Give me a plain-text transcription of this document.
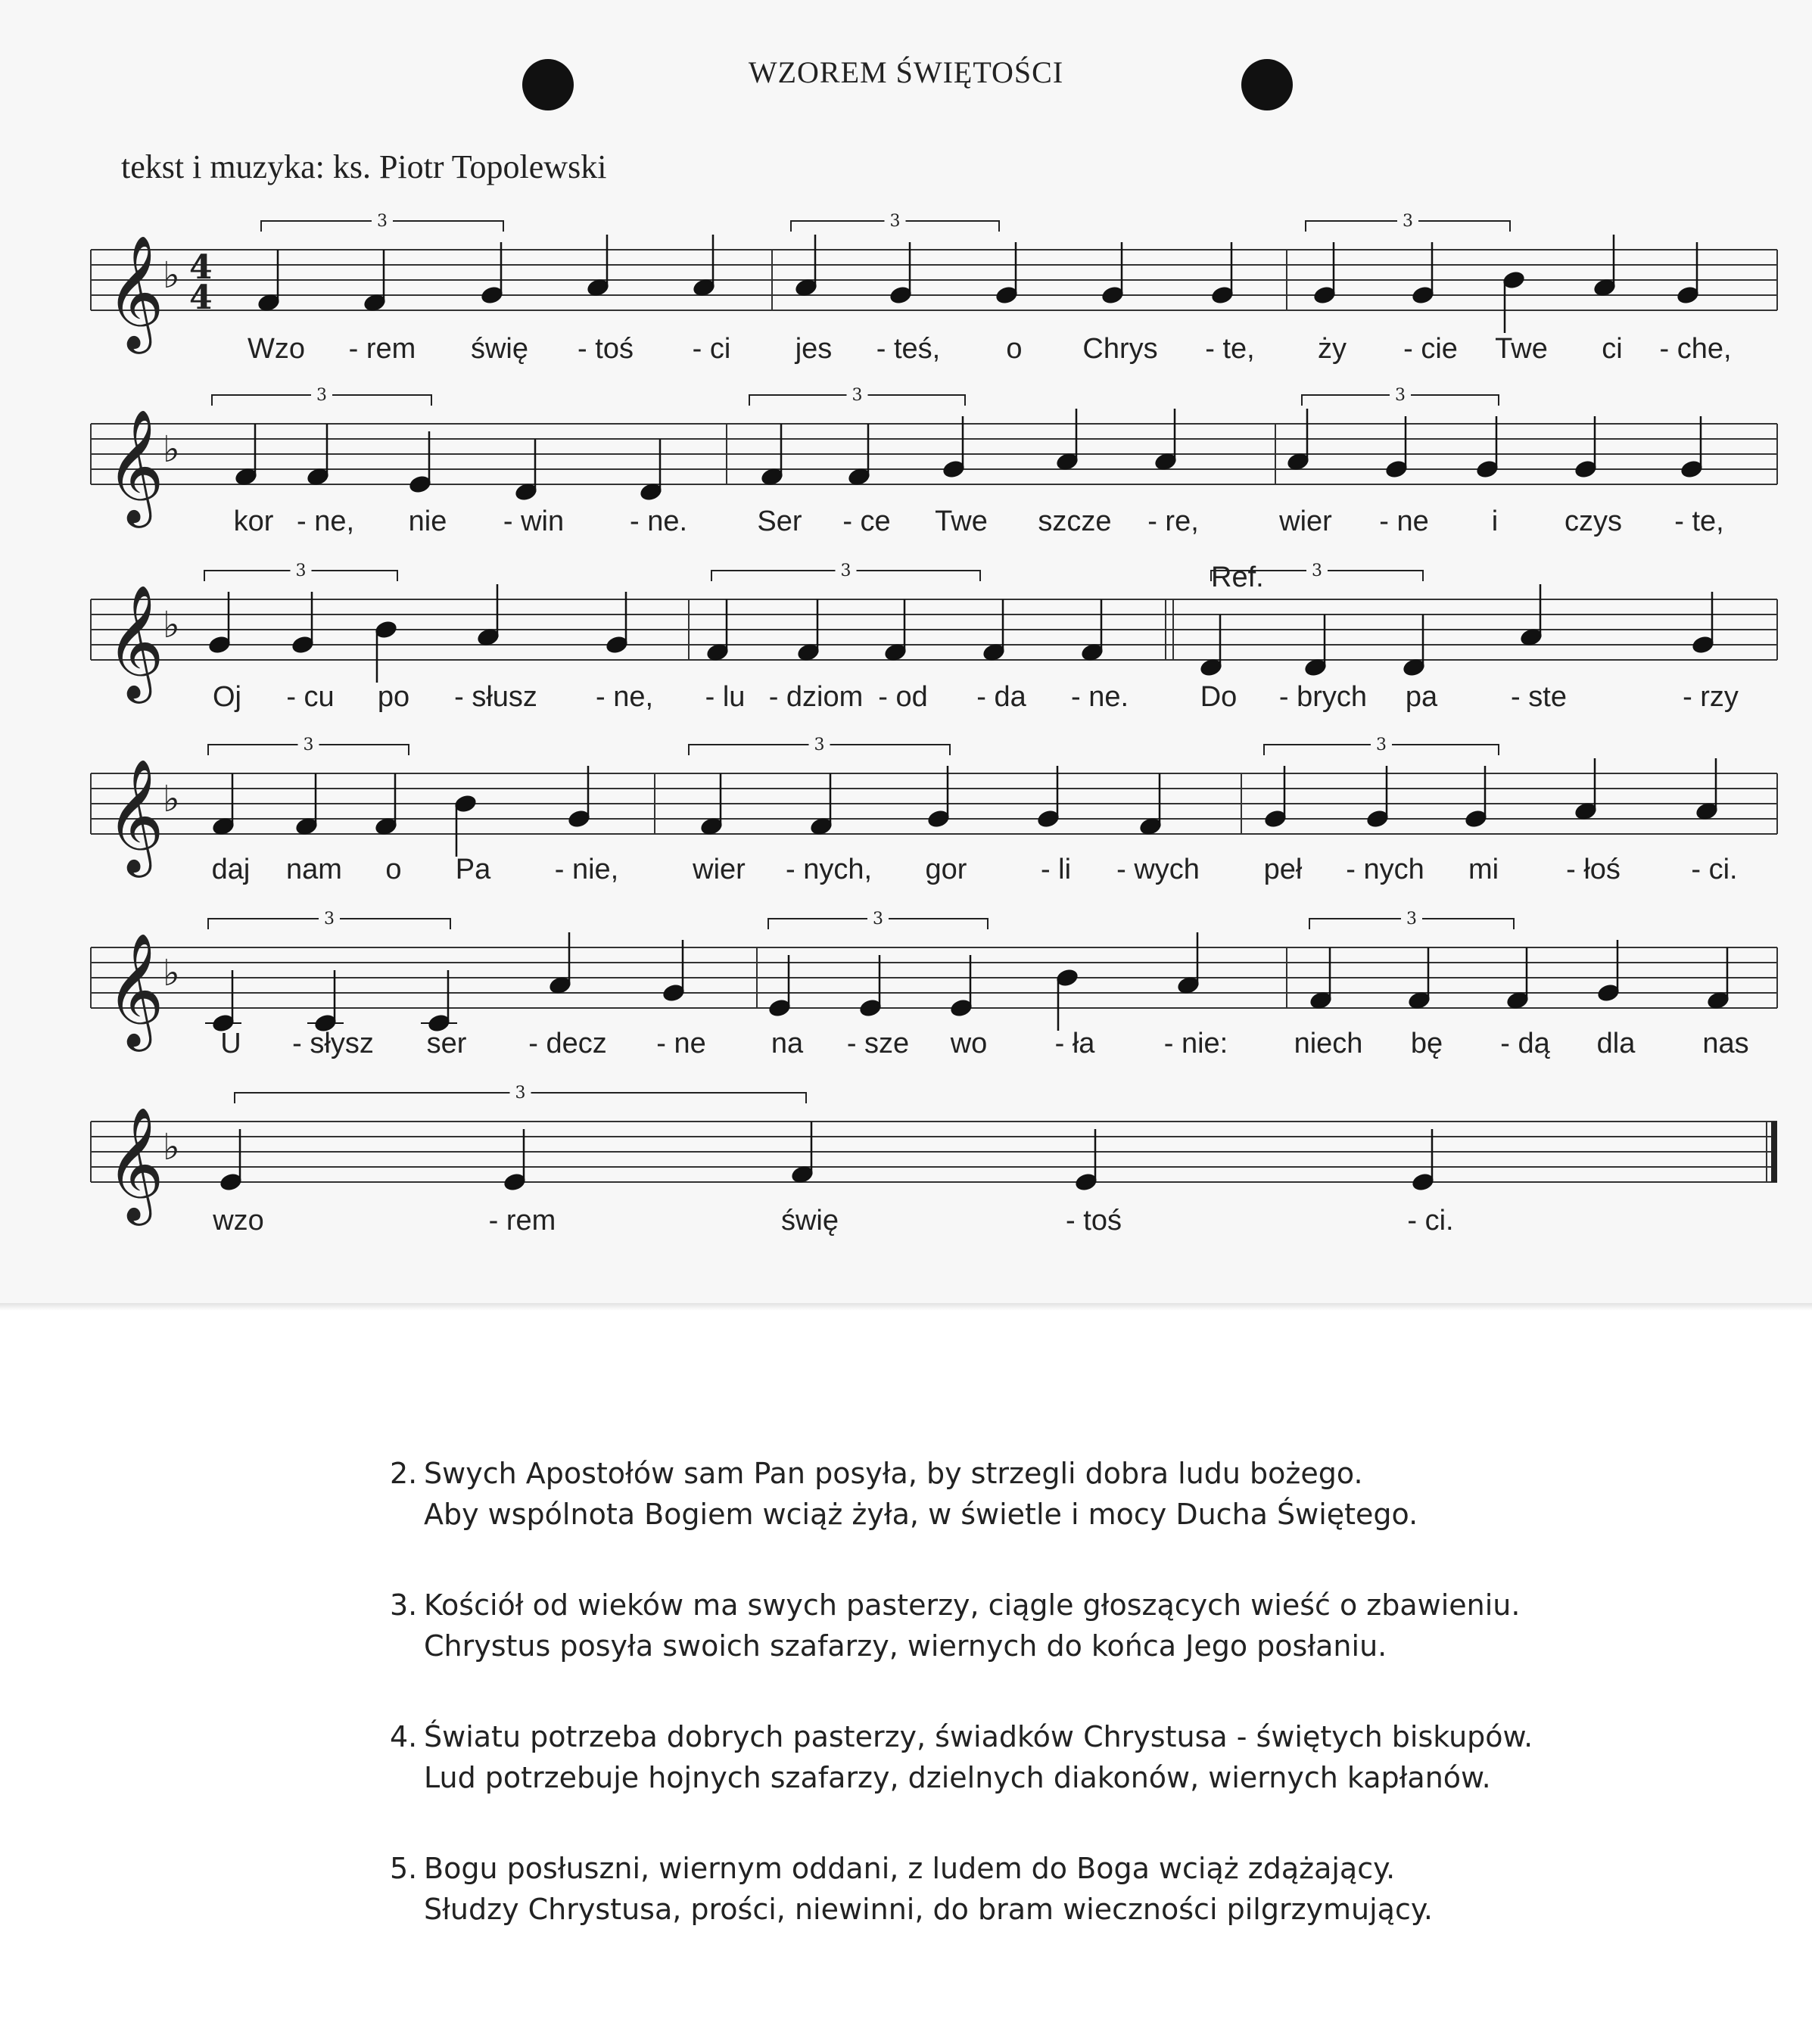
WZOREM ŚWIĘTOŚCI
tekst i muzyka: ks. Piotr Topolewski
𝄞
♭ 4
4
3	3	3
Wzo - rem świę - toś - ci jes - teś, o Chrys - te, ży - cie Twe ci - che,
𝄞
♭
3	3	3
kor - ne, nie - win - ne. Ser - ce Twe szcze - re,	wier - ne i czys - te,
𝄞
♭
3	3	3
Oj - cu po - słusz - ne, - lu - dziom - od - da - ne. Do - brych pa	- ste	- rzy
Ref.
𝄞
♭
3	3	3
daj nam o Pa - nie,	wier - nych, gor	- li - wych peł - nych mi - łoś - ci.
𝄞
♭
3	3	3
U - słysz ser - decz - ne na - sze wo - ła - nie: niech bę - dą dla nas
𝄞
♭
3
wzo	- rem	świę	- toś	- ci.
2. Swych Apostołów sam Pan posyła, by strzegli dobra ludu bożego.
Aby wspólnota Bogiem wciąż żyła, w świetle i mocy Ducha Świętego.
3. Kościół od wieków ma swych pasterzy, ciągle głoszących wieść o zbawieniu.
Chrystus posyła swoich szafarzy, wiernych do końca Jego posłaniu.
4. Światu potrzeba dobrych pasterzy, świadków Chrystusa - świętych biskupów.
Lud potrzebuje hojnych szafarzy, dzielnych diakonów, wiernych kapłanów.
5. Bogu posłuszni, wiernym oddani, z ludem do Boga wciąż zdążający.
Słudzy Chrystusa, prości, niewinni, do bram wieczności pilgrzymujący.
